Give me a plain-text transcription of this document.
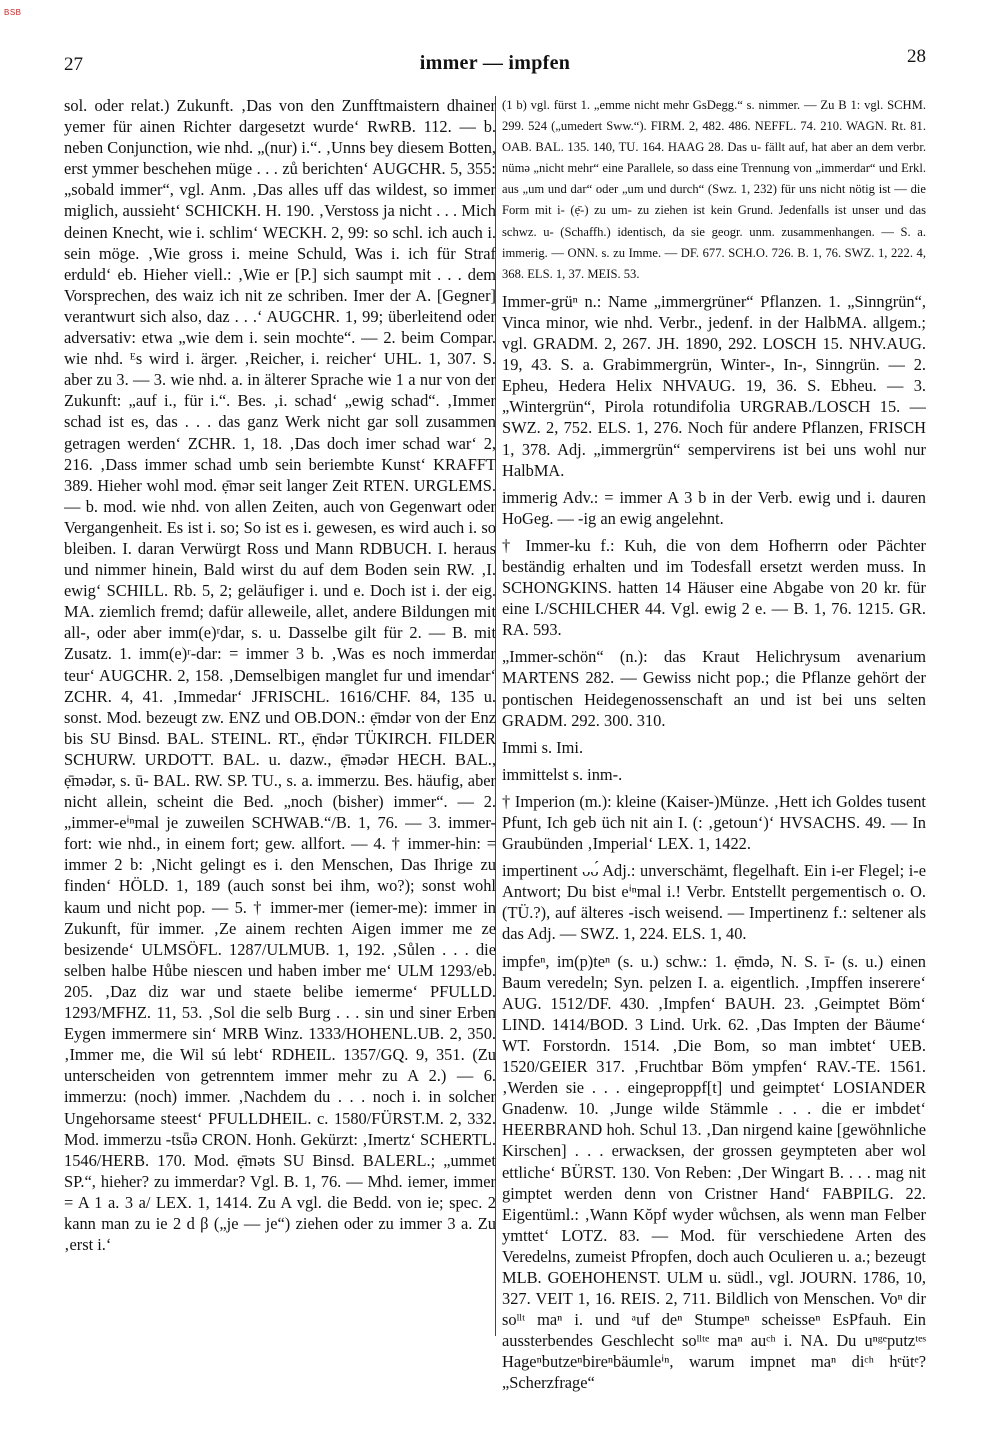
BSB
27	immer — impfen	28

sol. oder relat.) Zukunft. ‚Das von den Zunfftmaistern dhainer yemer für ainen Richter dargesetzt wurde‘ RwRB. 112. — b. neben Conjunction, wie nhd. „(nur) i.“. ‚Unns bey diesem Botten, erst ymmer beschehen müge . . . zů berichten‘ AUGCHR. 5, 355: „sobald immer“, vgl. Anm. ‚Das alles uff das wildest, so immer miglich, aussieht‘ SCHICKH. H. 190. ‚Verstoss ja nicht . . . Mich deinen Knecht, wie i. schlim‘ WECKH. 2, 99: so schl. ich auch i. sein möge. ‚Wie gross i. meine Schuld, Was i. ich für Straf erduld‘ eb. Hieher viell.: ‚Wie er [P.] sich saumpt mit . . . dem Vorsprechen, des waiz ich nit ze schriben. Imer der A. [Gegner] verantwurt sich also, daz . . .‘ AUGCHR. 1, 99; überleitend oder adversativ: etwa „wie dem i. sein mochte“. — 2. beim Compar. wie nhd. ᴱs wird i. ärger. ‚Reicher, i. reicher‘ UHL. 1, 307. S. aber zu 3. — 3. wie nhd. a. in älterer Sprache wie 1 a nur von der Zukunft: „auf i., für i.“. Bes. ‚i. schad‘ „ewig schad“. ‚Immer schad ist es, das . . . das ganz Werk nicht gar soll zusammen getragen werden‘ ZCHR. 1, 18. ‚Das doch imer schad war‘ 2, 216. ‚Dass immer schad umb sein beriembte Kunst‘ KRAFFT 389. Hieher wohl mod. ẹ̄mər seit langer Zeit RTEN. URGLEMS. — b. mod. wie nhd. von allen Zeiten, auch von Gegenwart oder Vergangenheit. Es ist i. so; So ist es i. gewesen, es wird auch i. so bleiben. I. daran Verwürgt Ross und Mann RDBUCH. I. heraus und nimmer hinein, Bald wirst du auf dem Boden sein RW. ‚I. ewig‘ SCHILL. Rb. 5, 2; geläufiger i. und e. Doch ist i. der eig. MA. ziemlich fremd; dafür alleweile, allet, andere Bildungen mit all-, oder aber imm(e)ʳdar, s. u. Dasselbe gilt für 2. — B. mit Zusatz. 1. imm(e)ʳ-dar: = immer 3 b. ‚Was es noch immerdar teur‘ AUGCHR. 2, 158. ‚Demselbigen manglet fur und imendar‘ ZCHR. 4, 41. ‚Immedar‘ JFRISCHL. 1616/CHF. 84, 135 u. sonst. Mod. bezeugt zw. ENZ und OB.DON.: ẹ̄mdər von der Enz bis SU Binsd. BAL. STEINL. RT., ẹ̄ndər TÜKIRCH. FILDER SCHURW. URDOTT. BAL. u. dazw., ẹ̄mədər HECH. BAL., ẹ̄mədər, s. ū- BAL. RW. SP. TU., s. a. immerzu. Bes. häufig, aber nicht allein, scheint die Bed. „noch (bisher) immer“. — 2. „immer-eⁱⁿmal je zuweilen SCHWAB.“/B. 1, 76. — 3. immer-fort: wie nhd., in einem fort; gew. allfort. — 4. † immer-hin: = immer 2 b: ‚Nicht gelingt es i. den Menschen, Das Ihrige zu finden‘ HÖLD. 1, 189 (auch sonst bei ihm, wo?); sonst wohl kaum und nicht pop. — 5. † immer-mer (iemer-me): immer in Zukunft, für immer. ‚Ze ainem rechten Aigen immer me ze besizende‘ ULMSÖFL. 1287/ULMUB. 1, 192. ‚Sůlen . . . die selben halbe Hůbe niescen und haben imber me‘ ULM 1293/eb. 205. ‚Daz diz war und staete belibe iemerme‘ PFULLD. 1293/MFHZ. 11, 53. ‚Sol die selb Burg . . . sin und siner Erben Eygen immermere sin‘ MRB Winz. 1333/HOHENL.UB. 2, 350. ‚Immer me, die Wil sú lebt‘ RDHEIL. 1357/GQ. 9, 351. (Zu unterscheiden von getrenntem immer mehr zu A 2.) — 6. immerzu: (noch) immer. ‚Nachdem du . . . noch i. in solcher Ungehorsame steest‘ PFULLDHEIL. c. 1580/FÜRST.M. 2, 332. Mod. immerzu -tsǖə CRON. Honh. Gekürzt: ‚Imertz‘ SCHERTL. 1546/HERB. 170. Mod. ẹ̄məts SU Binsd. BALERL.; „ummet SP.“, hieher? zu immerdar? Vgl. B. 1, 76. — Mhd. iemer, immer = A 1 a. 3 a/ LEX. 1, 1414. Zu A vgl. die Bedd. von ie; spec. 2 kann man zu ie 2 d β („je — je“) ziehen oder zu immer 3 a. Zu ‚erst i.‘

(1 b) vgl. fürst 1. „emme nicht mehr GsDegg.“ s. nimmer. — Zu B 1: vgl. SCHM. 299. 524 („umedert Sww.“). FIRM. 2, 482. 486. NEFFL. 74. 210. WAGN. Rt. 81. OAB. BAL. 135. 140, TU. 164. HAAG 28. Das u- fällt auf, hat aber an dem verbr. nümə „nicht mehr“ eine Parallele, so dass eine Trennung von „immerdar“ und Erkl. aus „um und dar“ oder „um und durch“ (Swz. 1, 232) für uns nicht nötig ist — die Form mit i- (ẹ̄-) zu um- zu ziehen ist kein Grund. Jedenfalls ist unser und das schwz. u- (Schaffh.) identisch, da sie geogr. unm. zusammenhangen. — S. a. immerig. — ONN. s. zu Imme. — DF. 677. SCH.O. 726. B. 1, 76. SWZ. 1, 222. 4, 368. ELS. 1, 37. MEIS. 53.

Immer-grüⁿ n.: Name „immergrüner“ Pflanzen. 1. „Sinngrün“, Vinca minor, wie nhd. Verbr., jedenf. in der HalbMA. allgem.; vgl. GRADM. 2, 267. JH. 1890, 292. LOSCH 15. NHV.AUG. 19, 43. S. a. Grabimmergrün, Winter-, In-, Sinngrün. — 2. Epheu, Hedera Helix NHVAUG. 19, 36. S. Ebheu. — 3. „Wintergrün“, Pirola rotundifolia URGRAB./LOSCH 15. — SWZ. 2, 752. ELS. 1, 276. Noch für andere Pflanzen, FRISCH 1, 378. Adj. „immergrün“ sempervirens ist bei uns wohl nur HalbMA.

immerig Adv.: = immer A 3 b in der Verb. ewig und i. dauren HoGeg. — -ig an ewig angelehnt.

† Immer-ku f.: Kuh, die von dem Hofherrn oder Pächter beständig erhalten und im Todesfall ersetzt werden muss. In SCHONGKINS. hatten 14 Häuser eine Abgabe von 20 kr. für eine I./SCHILCHER 44. Vgl. ewig 2 e. — B. 1, 76. 1215. GR. RA. 593.

„Immer-schön“ (n.): das Kraut Helichrysum avenarium MARTENS 282. — Gewiss nicht pop.; die Pflanze gehört der pontischen Heidegenossenschaft an und ist bei uns selten GRADM. 292. 300. 310.

Immi s. Imi.

immittelst s. inm-.

† Imperion (m.): kleine (Kaiser-)Münze. ‚Hett ich Goldes tusent Pfunt, Ich geb üch nit ain I. (: ‚getoun‘)‘ HVSACHS. 49. — In Graubünden ‚Imperial‘ LEX. 1, 1422.

impertinent ᴗᴗ́ Adj.: unverschämt, flegelhaft. Ein i-er Flegel; i-e Antwort; Du bist eⁱⁿmal i.! Verbr. Entstellt pergementisch o. O. (TÜ.?), auf älteres -isch weisend. — Impertinenz f.: seltener als das Adj. — SWZ. 1, 224. ELS. 1, 40.

impfeⁿ, im(p)teⁿ (s. u.) schw.: 1. ẹ̄mdə, N. S. ī- (s. u.) einen Baum veredeln; Syn. pelzen I. a. eigentlich. ‚Impffen inserere‘ AUG. 1512/DF. 430. ‚Impfen‘ BAUH. 23. ‚Geimptet Böm‘ LIND. 1414/BOD. 3 Lind. Urk. 62. ‚Das Impten der Bäume‘ WT. Forstordn. 1514. ‚Die Bom, so man imbtet‘ UEB. 1520/GEIER 317. ‚Fruchtbar Böm ympfen‘ RAV.-TE. 1561. ‚Werden sie . . . eingeproppf[t] und geimptet‘ LOSIANDER Gnadenw. 10. ‚Junge wilde Stämmle . . . die er imbdet‘ HEERBRAND hoh. Schul 13. ‚Dan nirgend kaine [gewöhnliche Kirschen] . . . erwacksen, der grossen geympteten aber wol ettliche‘ BÜRST. 130. Von Reben: ‚Der Wingart B. . . . mag nit gimptet werden denn von Cristner Hand‘ FABPILG. 22. Eigentüml.: ‚Wann Kŏpf wyder wůchsen, als wenn man Felber ymttet‘ LOTZ. 83. — Mod. für verschiedene Arten des Veredelns, zumeist Pfropfen, doch auch Oculieren u. a.; bezeugt MLB. GOEHOHENST. ULM u. südl., vgl. JOURN. 1786, 10, 327. VEIT 1, 16. REIS. 2, 711. Bildlich von Menschen. Voⁿ dir soˡˡᵗ maⁿ i. und ᵃuf deⁿ Stumpeⁿ scheisseⁿ EsPfauh. Ein aussterbendes Geschlecht soˡˡᵗᵉ maⁿ auᶜʰ i. NA. Du uⁿᵍᵉputzᵗᵉˢ Hageⁿbutzeⁿbireⁿbäumleⁱⁿ, warum impnet maⁿ diᶜʰ hᵉütᵉ? „Scherzfrage“
